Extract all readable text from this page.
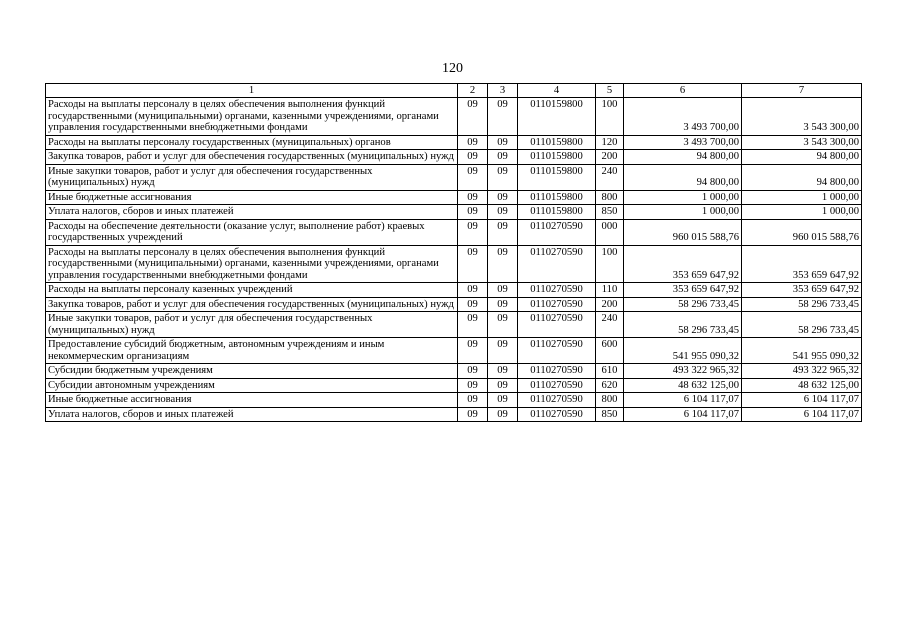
120
1	2	3	4	5	6	7
Расходы на выплаты персоналу в целях обеспечения выполнения функций государственными (муниципальными) органами, казенными учреждениями, органами управления государственными внебюджетными фондами	09	09	0110159800	100	3 493 700,00	3 543 300,00
Расходы на выплаты персоналу государственных (муниципальных) органов	09	09	0110159800	120	3 493 700,00	3 543 300,00
Закупка товаров, работ и услуг для обеспечения государственных (муниципальных) нужд	09	09	0110159800	200	94 800,00	94 800,00
Иные закупки товаров, работ и услуг для обеспечения государственных (муниципальных) нужд	09	09	0110159800	240	94 800,00	94 800,00
Иные бюджетные ассигнования	09	09	0110159800	800	1 000,00	1 000,00
Уплата налогов, сборов и иных платежей	09	09	0110159800	850	1 000,00	1 000,00
Расходы на обеспечение деятельности (оказание услуг, выполнение работ) краевых государственных учреждений	09	09	0110270590	000	960 015 588,76	960 015 588,76
Расходы на выплаты персоналу в целях обеспечения выполнения функций государственными (муниципальными) органами, казенными учреждениями, органами управления государственными внебюджетными фондами	09	09	0110270590	100	353 659 647,92	353 659 647,92
Расходы на выплаты персоналу казенных учреждений	09	09	0110270590	110	353 659 647,92	353 659 647,92
Закупка товаров, работ и услуг для обеспечения государственных (муниципальных) нужд	09	09	0110270590	200	58 296 733,45	58 296 733,45
Иные закупки товаров, работ и услуг для обеспечения государственных (муниципальных) нужд	09	09	0110270590	240	58 296 733,45	58 296 733,45
Предоставление субсидий бюджетным, автономным учреждениям и иным некоммерческим организациям	09	09	0110270590	600	541 955 090,32	541 955 090,32
Субсидии бюджетным учреждениям	09	09	0110270590	610	493 322 965,32	493 322 965,32
Субсидии автономным учреждениям	09	09	0110270590	620	48 632 125,00	48 632 125,00
Иные бюджетные ассигнования	09	09	0110270590	800	6 104 117,07	6 104 117,07
Уплата налогов, сборов и иных платежей	09	09	0110270590	850	6 104 117,07	6 104 117,07
